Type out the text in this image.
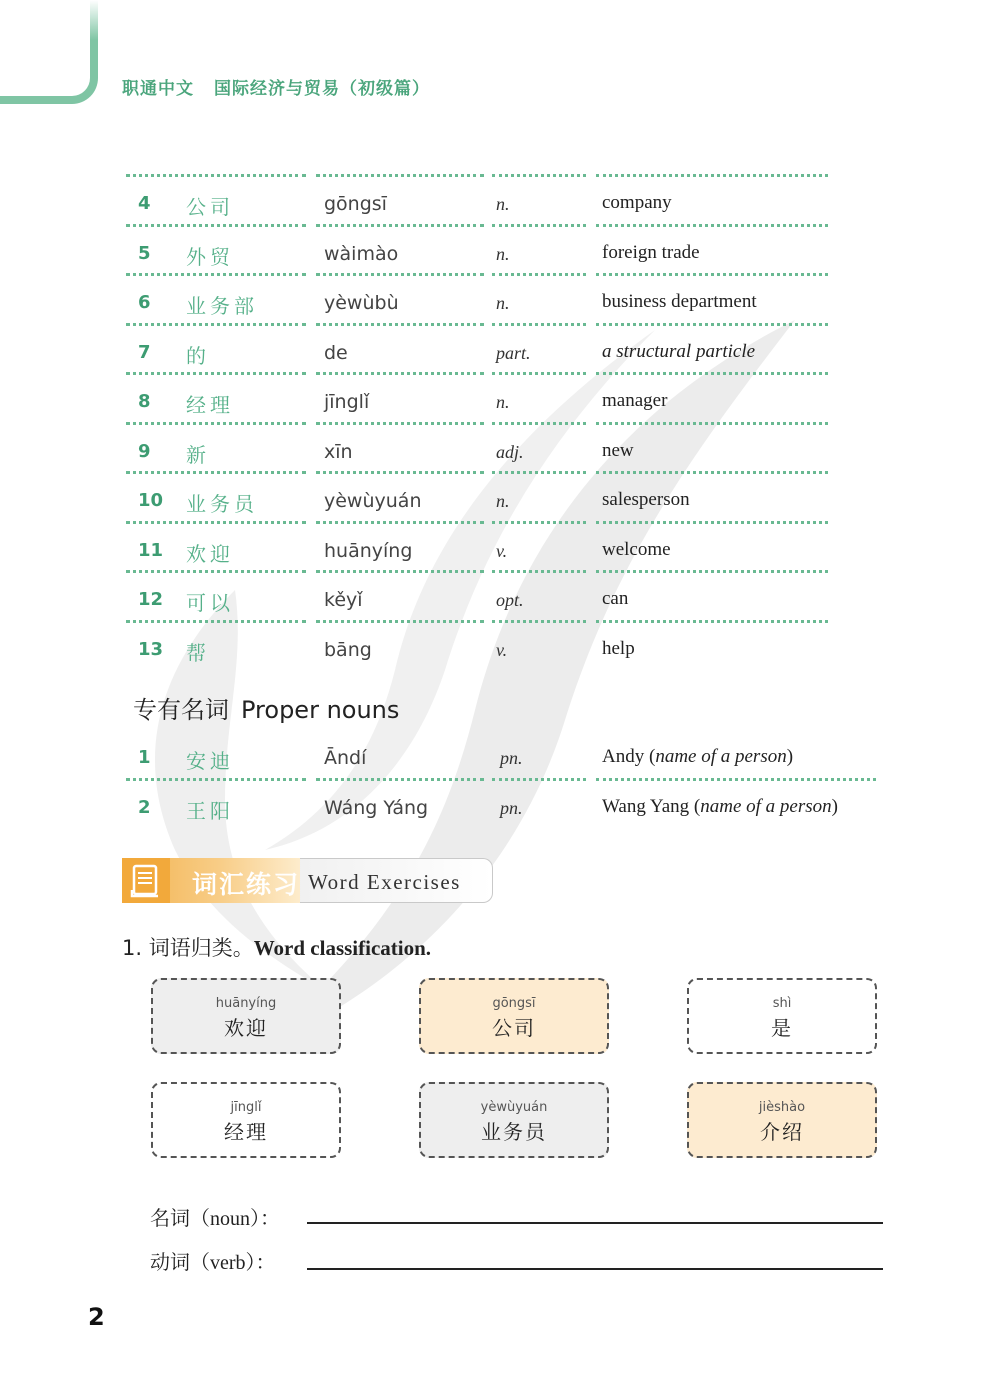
职通中文 国际经济与贸易（初级篇）
4 公司	gōngsī	n.	company
5 外贸	wàimào	n.	foreign trade
6 业务部	yèwùbù	n.	business department
7 的	de	part.	a structural particle
8 经理	jīnglǐ	n.	manager
9 新	xīn	adj.	new
10 业务员	yèwùyuán	n.	salesperson
11 欢迎	huānyíng	v.	welcome
12 可以	kěyǐ	opt.	can
13 帮	bāng	v.	help
专有名词 Proper nouns
1 安迪	Āndí	pn.	Andy (name of a person)
2 王阳	Wáng Yáng	pn.	Wang Yang (name of a person)
词汇练习 Word Exercises
1. 词语归类。Word classification.
huānyíng
欢迎
gōngsī
公司
shì
是
jīnglǐ
经理
yèwùyuán
业务员
jièshào
介绍
名词（noun）：
动词（verb）：
2
